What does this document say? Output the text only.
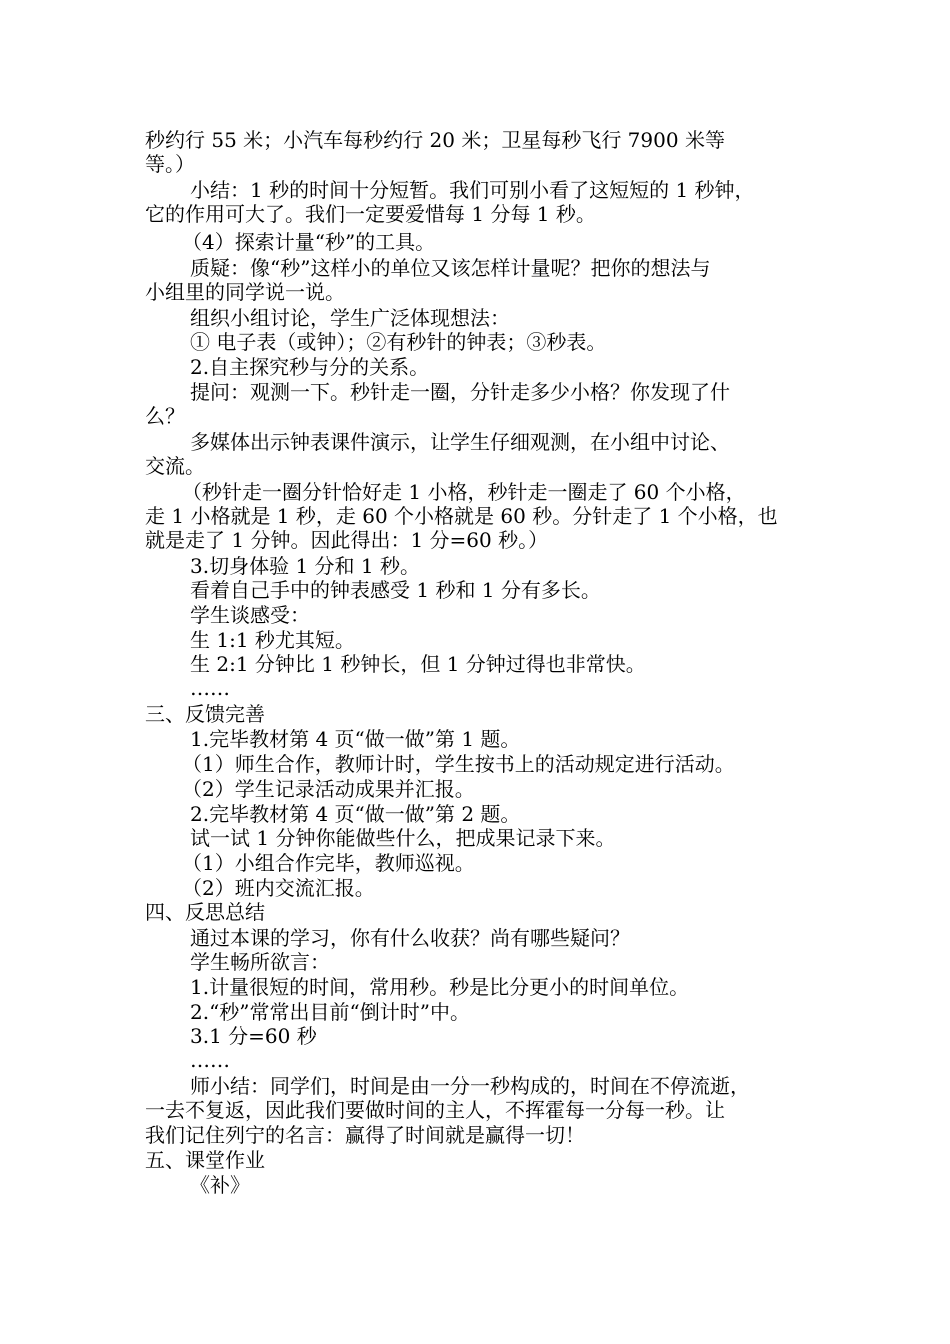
秒约行 55 米；小汽车每秒约行 20 米；卫星每秒飞行 7900 米等
等。）
小结：1 秒的时间十分短暂。我们可别小看了这短短的 1 秒钟，
它的作用可大了。我们一定要爱惜每 1 分每 1 秒。
（4）探索计量“秒”的工具。
质疑：像“秒”这样小的单位又该怎样计量呢？把你的想法与
小组里的同学说一说。
组织小组讨论，学生广泛体现想法：
① 电子表（或钟）；②有秒针的钟表；③秒表。
2.自主探究秒与分的关系。
提问：观测一下。秒针走一圈，分针走多少小格？你发现了什
么？
多媒体出示钟表课件演示，让学生仔细观测，在小组中讨论、
交流。
（秒针走一圈分针恰好走 1 小格，秒针走一圈走了 60 个小格，
走 1 小格就是 1 秒，走 60 个小格就是 60 秒。分针走了 1 个小格，也
就是走了 1 分钟。因此得出：1 分=60 秒。）
3.切身体验 1 分和 1 秒。
看着自己手中的钟表感受 1 秒和 1 分有多长。
学生谈感受：
生 1:1 秒尤其短。
生 2:1 分钟比 1 秒钟长，但 1 分钟过得也非常快。
……
三、反馈完善
1.完毕教材第 4 页“做一做”第 1 题。
（1）师生合作，教师计时，学生按书上的活动规定进行活动。
（2）学生记录活动成果并汇报。
2.完毕教材第 4 页“做一做”第 2 题。
试一试 1 分钟你能做些什么，把成果记录下来。
（1）小组合作完毕，教师巡视。
（2）班内交流汇报。
四、反思总结
通过本课的学习，你有什么收获？尚有哪些疑问？
学生畅所欲言：
1.计量很短的时间，常用秒。秒是比分更小的时间单位。
2.“秒”常常出目前“倒计时”中。
3.1 分=60 秒
……
师小结：同学们，时间是由一分一秒构成的，时间在不停流逝，
一去不复返，因此我们要做时间的主人，不挥霍每一分每一秒。让
我们记住列宁的名言：赢得了时间就是赢得一切！
五、课堂作业
《补》
